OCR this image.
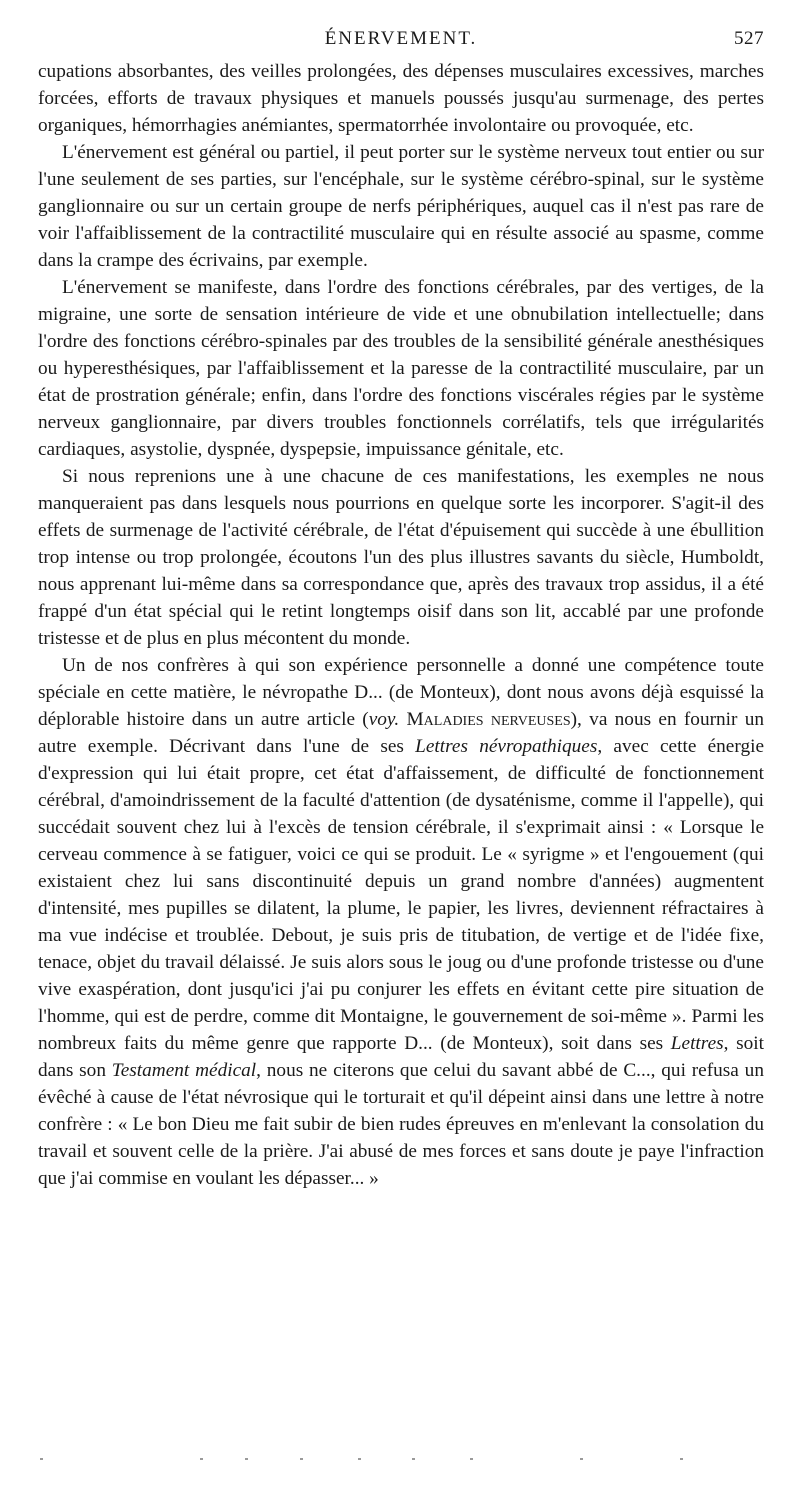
ÉNERVEMENT.	527

cupations absorbantes, des veilles prolongées, des dépenses musculaires excessives, marches forcées, efforts de travaux physiques et manuels poussés jusqu'au surmenage, des pertes organiques, hémorrhagies anémiantes, spermatorrhée involontaire ou provoquée, etc.

L'énervement est général ou partiel, il peut porter sur le système nerveux tout entier ou sur l'une seulement de ses parties, sur l'encéphale, sur le système cérébro-spinal, sur le système ganglionnaire ou sur un certain groupe de nerfs périphériques, auquel cas il n'est pas rare de voir l'affaiblissement de la contractilité musculaire qui en résulte associé au spasme, comme dans la crampe des écrivains, par exemple.

L'énervement se manifeste, dans l'ordre des fonctions cérébrales, par des vertiges, de la migraine, une sorte de sensation intérieure de vide et une obnubilation intellectuelle; dans l'ordre des fonctions cérébro-spinales par des troubles de la sensibilité générale anesthésiques ou hyperesthésiques, par l'affaiblissement et la paresse de la contractilité musculaire, par un état de prostration générale; enfin, dans l'ordre des fonctions viscérales régies par le système nerveux ganglionnaire, par divers troubles fonctionnels corrélatifs, tels que irrégularités cardiaques, asystolie, dyspnée, dyspepsie, impuissance génitale, etc.

Si nous reprenions une à une chacune de ces manifestations, les exemples ne nous manqueraient pas dans lesquels nous pourrions en quelque sorte les incorporer. S'agit-il des effets de surmenage de l'activité cérébrale, de l'état d'épuisement qui succède à une ébullition trop intense ou trop prolongée, écoutons l'un des plus illustres savants du siècle, Humboldt, nous apprenant lui-même dans sa correspondance que, après des travaux trop assidus, il a été frappé d'un état spécial qui le retint longtemps oisif dans son lit, accablé par une profonde tristesse et de plus en plus mécontent du monde.

Un de nos confrères à qui son expérience personnelle a donné une compétence toute spéciale en cette matière, le névropathe D... (de Monteux), dont nous avons déjà esquissé la déplorable histoire dans un autre article (voy. Maladies nerveuses), va nous en fournir un autre exemple. Décrivant dans l'une de ses Lettres névropathiques, avec cette énergie d'expression qui lui était propre, cet état d'affaissement, de difficulté de fonctionnement cérébral, d'amoindrissement de la faculté d'attention (de dysaténisme, comme il l'appelle), qui succédait souvent chez lui à l'excès de tension cérébrale, il s'exprimait ainsi : « Lorsque le cerveau commence à se fatiguer, voici ce qui se produit. Le « syrigme » et l'engouement (qui existaient chez lui sans discontinuité depuis un grand nombre d'années) augmentent d'intensité, mes pupilles se dilatent, la plume, le papier, les livres, deviennent réfractaires à ma vue indécise et troublée. Debout, je suis pris de titubation, de vertige et de l'idée fixe, tenace, objet du travail délaissé. Je suis alors sous le joug ou d'une profonde tristesse ou d'une vive exaspération, dont jusqu'ici j'ai pu conjurer les effets en évitant cette pire situation de l'homme, qui est de perdre, comme dit Montaigne, le gouvernement de soi-même ». Parmi les nombreux faits du même genre que rapporte D... (de Monteux), soit dans ses Lettres, soit dans son Testament médical, nous ne citerons que celui du savant abbé de C..., qui refusa un évêché à cause de l'état névrosique qui le torturait et qu'il dépeint ainsi dans une lettre à notre confrère : « Le bon Dieu me fait subir de bien rudes épreuves en m'enlevant la consolation du travail et souvent celle de la prière. J'ai abusé de mes forces et sans doute je paye l'infraction que j'ai commise en voulant les dépasser... »
